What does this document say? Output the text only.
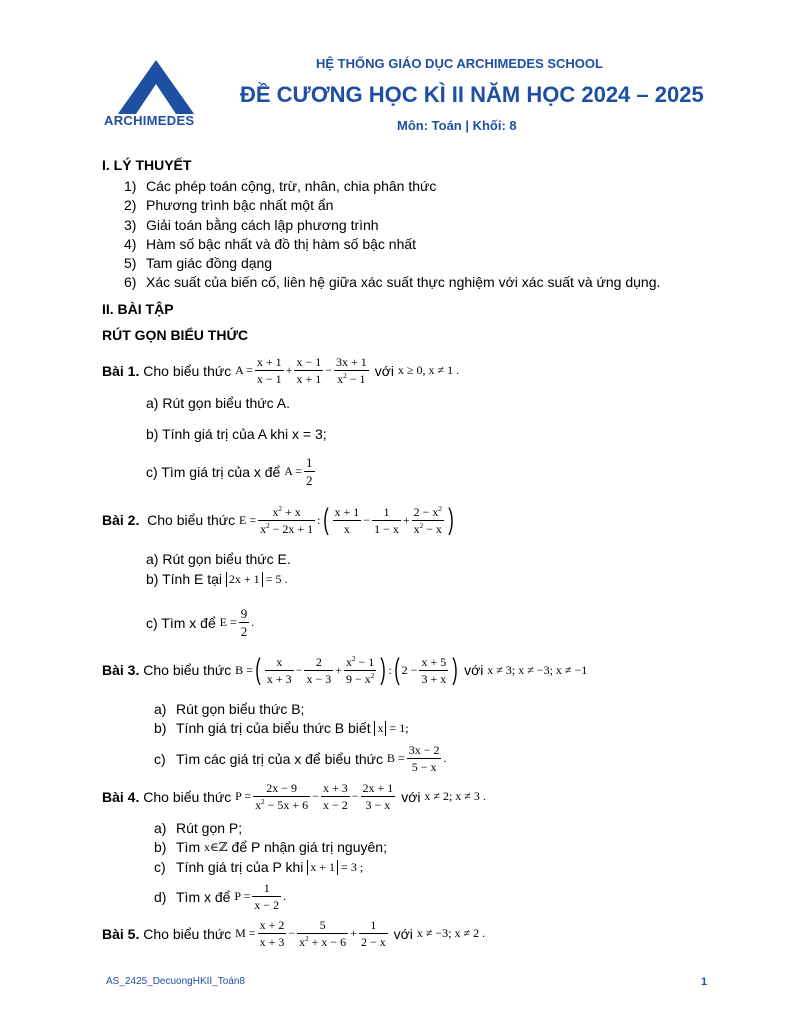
ARCHIMEDES
HỆ THỐNG GIÁO DỤC ARCHIMEDES SCHOOL
ĐỀ CƯƠNG HỌC KÌ II NĂM HỌC 2024 – 2025
Môn: Toán | Khối: 8
I. LÝ THUYẾT
1) Các phép toán cộng, trừ, nhân, chia phân thức
2) Phương trình bậc nhất một ẩn
3) Giải toán bằng cách lập phương trình
4) Hàm số bậc nhất và đồ thị hàm số bậc nhất
5) Tam giác đồng dạng
6) Xác suất của biến cố, liên hệ giữa xác suất thực nghiệm với xác suất và ứng dụng.
II. BÀI TẬP
RÚT GỌN BIỂU THỨC
Bài 1.
Cho biểu thức
$A = \frac{x + 1}{x - 1} + \frac{x - 1}{x + 1} - \frac{3x + 1}{x^2 - 1}$
với
x ≥ 0, x ≠ 1 .
a) Rút gọn biểu thức A.
b) Tính giá trị của A khi x = 3;
c) Tìm giá trị của x để
$A = \frac{1}{2}$
Bài 2.
Cho biểu thức
$E = \frac{x^2 + x}{x^2 - 2x + 1}$ : ( $\frac{x + 1}{x} - \frac{1}{1 - x} + \frac{2 - x^2}{x^2 - x}$ )
a) Rút gọn biểu thức E.
b) Tính E tại
2x + 1 = 5 .
c) Tìm x để
$E = \frac{9}{2}$ .
Bài 3.
Cho biểu thức
B = ( $\frac{x}{x + 3} - \frac{2}{x - 3} + \frac{x^2 - 1}{9 - x^2}$ ) : ( $2 - \frac{x + 5}{3 + x}$ )
với
x ≠ 3; x ≠ −3; x ≠ −1
a) Rút gọn biểu thức B;
b) Tính giá trị của biểu thức B biết
x = 1;
c) Tìm các giá trị của x để biểu thức
$B = \frac{3x - 2}{5 - x}$ .
Bài 4.
Cho biểu thức
$P = \frac{2x - 9}{x^2 - 5x + 6} - \frac{x + 3}{x - 2} - \frac{2x + 1}{3 - x}$
với
x ≠ 2; x ≠ 3 .
a) Rút gọn P;
b) Tìm
x∈ℤ
để P nhận giá trị nguyên;
c) Tính giá trị của P khi
x + 1 = 3 ;
d) Tìm x để
$P = \frac{1}{x - 2}$ .
Bài 5.
Cho biểu thức
$M = \frac{x + 2}{x + 3} - \frac{5}{x^2 + x - 6} + \frac{1}{2 - x}$
với
x ≠ −3; x ≠ 2 .
AS_2425_DecuongHKII_Toán8	1
